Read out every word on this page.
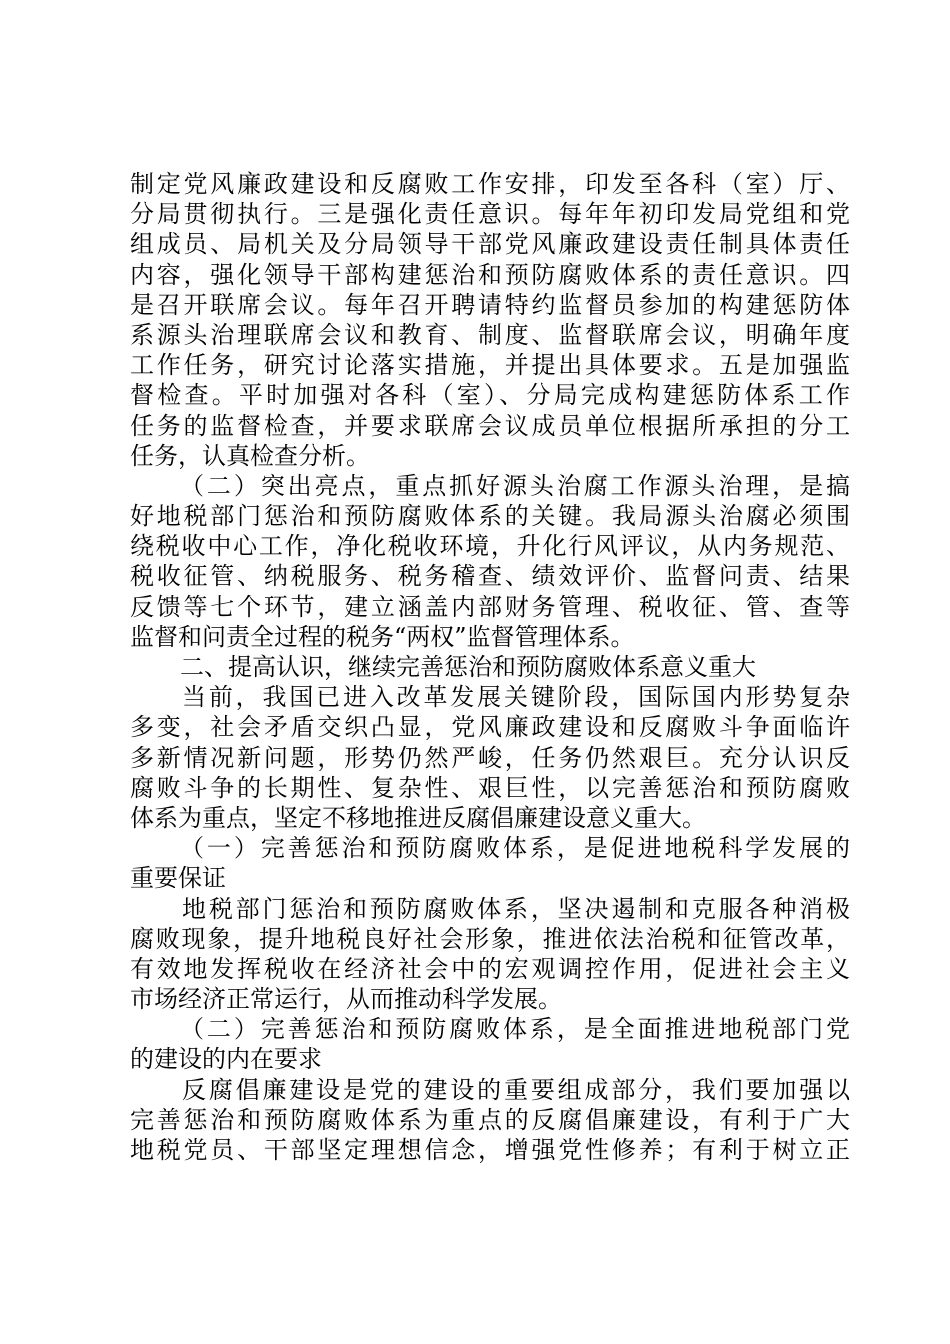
制定党风廉政建设和反腐败工作安排，印发至各科（室）厅、
分局贯彻执行。三是强化责任意识。每年年初印发局党组和党
组成员、局机关及分局领导干部党风廉政建设责任制具体责任
内容，强化领导干部构建惩治和预防腐败体系的责任意识。四
是召开联席会议。每年召开聘请特约监督员参加的构建惩防体
系源头治理联席会议和教育、制度、监督联席会议，明确年度
工作任务，研究讨论落实措施，并提出具体要求。五是加强监
督检查。平时加强对各科（室）、分局完成构建惩防体系工作
任务的监督检查，并要求联席会议成员单位根据所承担的分工
任务，认真检查分析。
（二）突出亮点，重点抓好源头治腐工作源头治理，是搞
好地税部门惩治和预防腐败体系的关键。我局源头治腐必须围
绕税收中心工作，净化税收环境，升化行风评议，从内务规范、
税收征管、纳税服务、税务稽查、绩效评价、监督问责、结果
反馈等七个环节，建立涵盖内部财务管理、税收征、管、查等
监督和问责全过程的税务“两权”监督管理体系。
二、提高认识，继续完善惩治和预防腐败体系意义重大
当前，我国已进入改革发展关键阶段，国际国内形势复杂
多变，社会矛盾交织凸显，党风廉政建设和反腐败斗争面临许
多新情况新问题，形势仍然严峻，任务仍然艰巨。充分认识反
腐败斗争的长期性、复杂性、艰巨性，以完善惩治和预防腐败
体系为重点，坚定不移地推进反腐倡廉建设意义重大。
（一）完善惩治和预防腐败体系，是促进地税科学发展的
重要保证
地税部门惩治和预防腐败体系，坚决遏制和克服各种消极
腐败现象，提升地税良好社会形象，推进依法治税和征管改革，
有效地发挥税收在经济社会中的宏观调控作用，促进社会主义
市场经济正常运行，从而推动科学发展。
（二）完善惩治和预防腐败体系，是全面推进地税部门党
的建设的内在要求
反腐倡廉建设是党的建设的重要组成部分，我们要加强以
完善惩治和预防腐败体系为重点的反腐倡廉建设，有利于广大
地税党员、干部坚定理想信念，增强党性修养；有利于树立正
